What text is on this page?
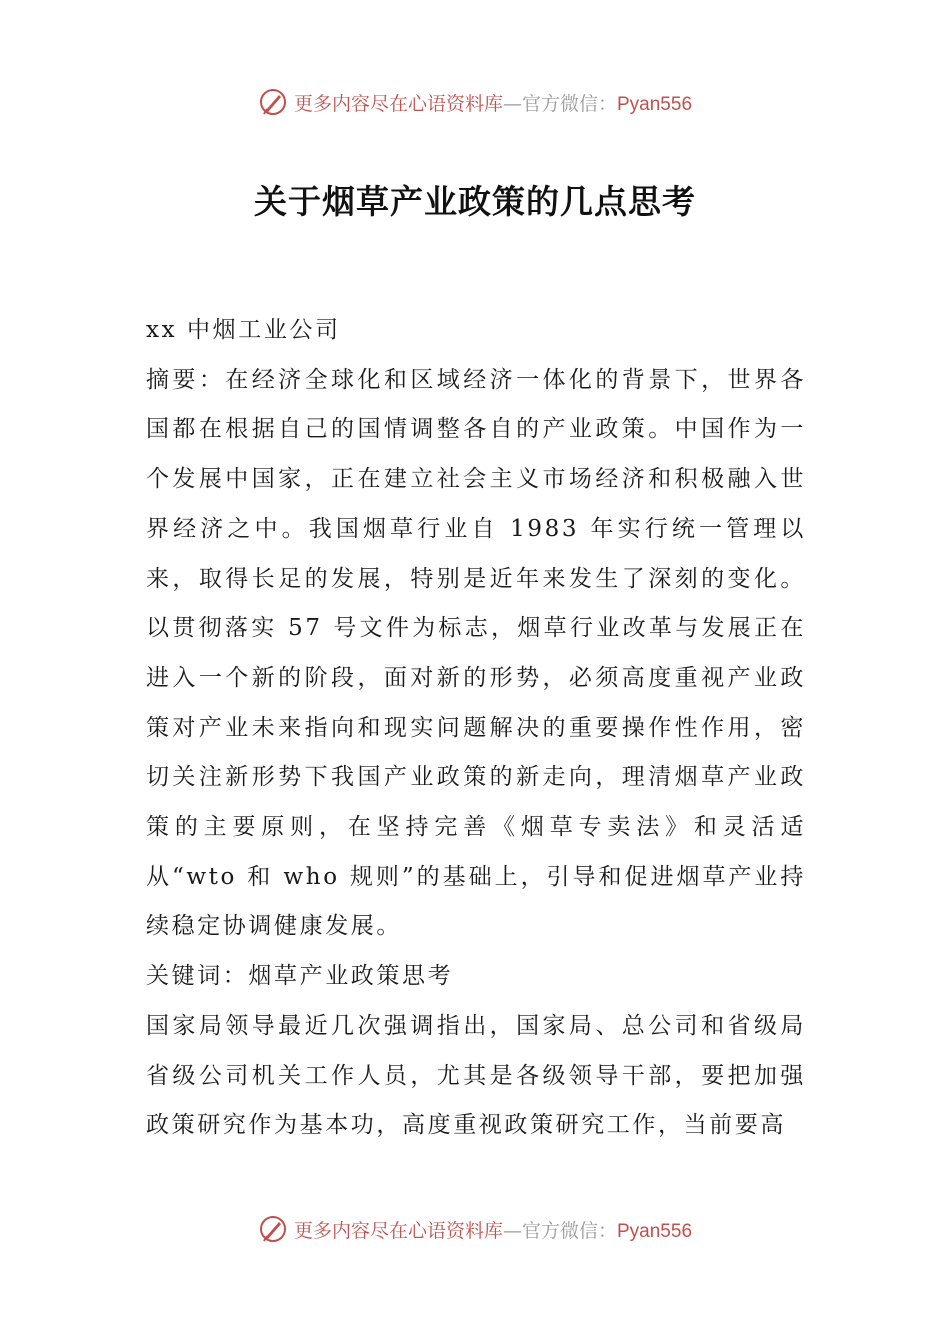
更多内容尽在心语资料库—官方微信：Pyan556
关于烟草产业政策的几点思考

xx 中烟工业公司

摘要：在经济全球化和区域经济一体化的背景下，世界各国都在根据自己的国情调整各自的产业政策。中国作为一个发展中国家，正在建立社会主义市场经济和积极融入世界经济之中。我国烟草行业自 1983 年实行统一管理以来，取得长足的发展，特别是近年来发生了深刻的变化。以贯彻落实 57 号文件为标志，烟草行业改革与发展正在进入一个新的阶段，面对新的形势，必须高度重视产业政策对产业未来指向和现实问题解决的重要操作性作用，密切关注新形势下我国产业政策的新走向，理清烟草产业政策的主要原则，在坚持完善《烟草专卖法》和灵活适从“wto 和 who 规则”的基础上，引导和促进烟草产业持续稳定协调健康发展。

关键词：烟草产业政策思考

国家局领导最近几次强调指出，国家局、总公司和省级局省级公司机关工作人员，尤其是各级领导干部，要把加强政策研究作为基本功，高度重视政策研究工作，当前要高

更多内容尽在心语资料库—官方微信：Pyan556
